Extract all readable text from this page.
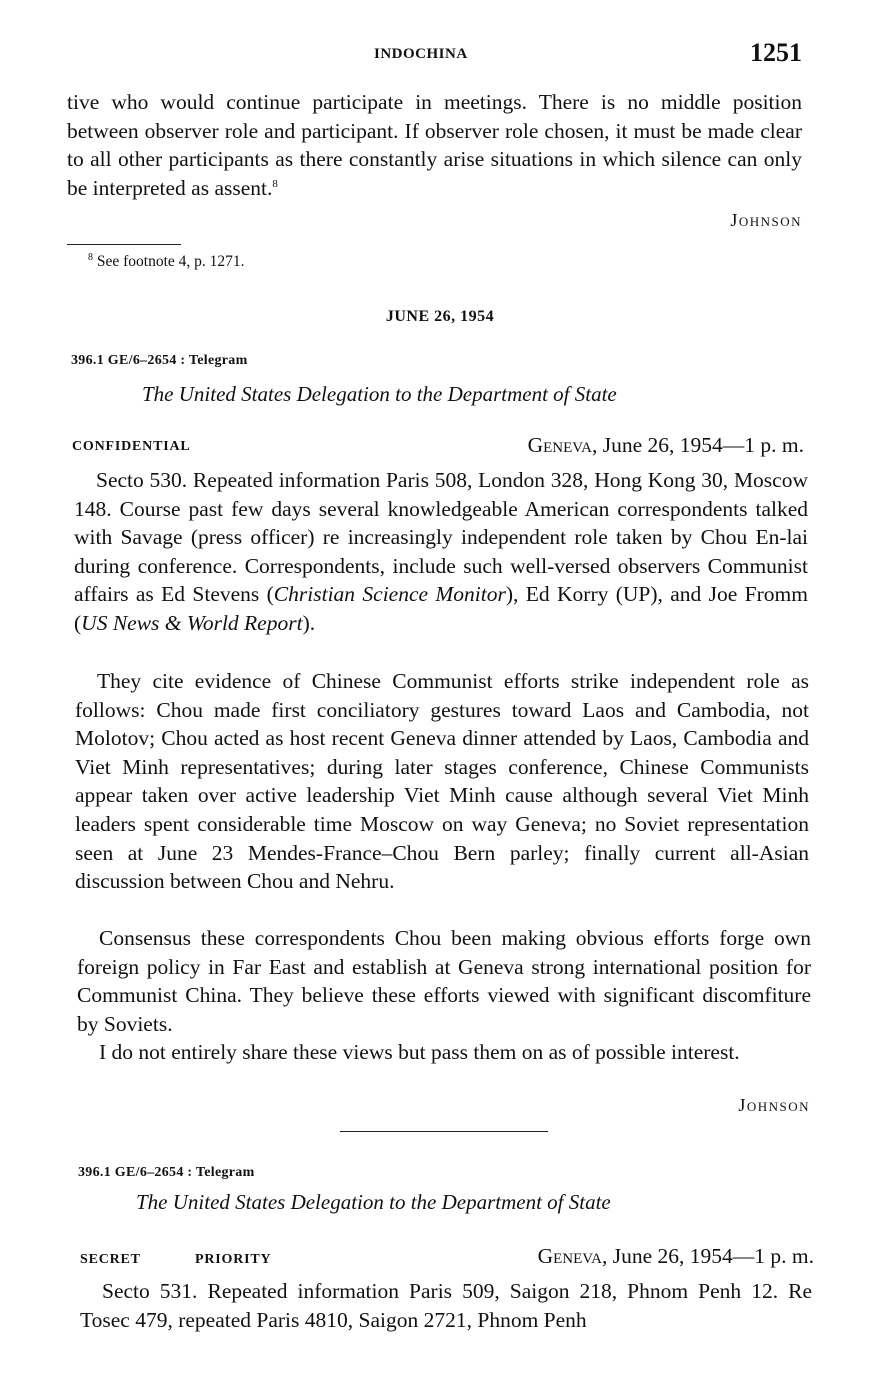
INDOCHINA	1251

tive who would continue participate in meetings. There is no middle position between observer role and participant. If observer role chosen, it must be made clear to all other participants as there constantly arise situations in which silence can only be interpreted as assent.$^8$

Johnson
$^8$ See footnote 4, p. 1271.
JUNE 26, 1954
396.1 GE/6–2654 : Telegram
The United States Delegation to the Department of State
CONFIDENTIAL	Geneva, June 26, 1954—1 p. m.

Secto 530. Repeated information Paris 508, London 328, Hong Kong 30, Moscow 148. Course past few days several knowledgeable American correspondents talked with Savage (press officer) re increasingly independent role taken by Chou En-lai during conference. Correspondents, include such well-versed observers Communist affairs as Ed Stevens (Christian Science Monitor), Ed Korry (UP), and Joe Fromm (US News & World Report).

They cite evidence of Chinese Communist efforts strike independent role as follows: Chou made first conciliatory gestures toward Laos and Cambodia, not Molotov; Chou acted as host recent Geneva dinner attended by Laos, Cambodia and Viet Minh representatives; during later stages conference, Chinese Communists appear taken over active leadership Viet Minh cause although several Viet Minh leaders spent considerable time Moscow on way Geneva; no Soviet representation seen at June 23 Mendes-France–Chou Bern parley; finally current all-Asian discussion between Chou and Nehru.

Consensus these correspondents Chou been making obvious efforts forge own foreign policy in Far East and establish at Geneva strong international position for Communist China. They believe these efforts viewed with significant discomfiture by Soviets.

I do not entirely share these views but pass them on as of possible interest.

Johnson
396.1 GE/6–2654 : Telegram
The United States Delegation to the Department of State
SECRET	PRIORITY	Geneva, June 26, 1954—1 p. m.

Secto 531. Repeated information Paris 509, Saigon 218, Phnom Penh 12. Re Tosec 479, repeated Paris 4810, Saigon 2721, Phnom Penh
